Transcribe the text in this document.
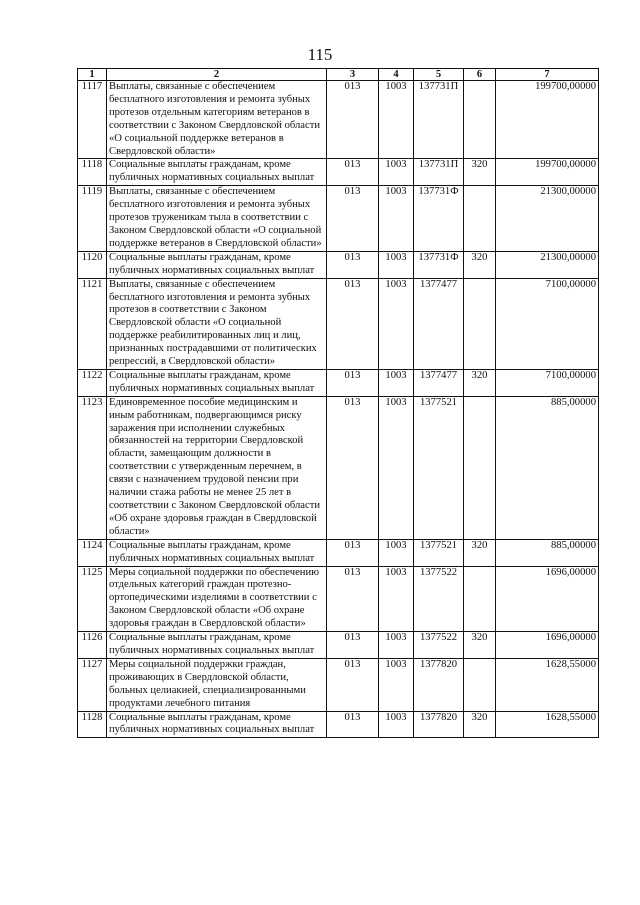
115
1	2	3	4	5	6	7
1117	Выплаты, связанные с обеспечением бесплатного изготовления и ремонта зубных протезов отдельным категориям ветеранов в соответствии с Законом Свердловской области «О социальной поддержке ветеранов в Свердловской области»	013	1003	137731П		199700,00000
1118	Социальные выплаты гражданам, кроме публичных нормативных социальных выплат	013	1003	137731П	320	199700,00000
1119	Выплаты, связанные с обеспечением бесплатного изготовления и ремонта зубных протезов труженикам тыла в соответствии с Законом Свердловской области «О социальной поддержке ветеранов в Свердловской области»	013	1003	137731Ф		21300,00000
1120	Социальные выплаты гражданам, кроме публичных нормативных социальных выплат	013	1003	137731Ф	320	21300,00000
1121	Выплаты, связанные с обеспечением бесплатного изготовления и ремонта зубных протезов в соответствии с Законом Свердловской области «О социальной поддержке реабилитированных лиц и лиц, признанных пострадавшими от политических репрессий, в Свердловской области»	013	1003	1377477		7100,00000
1122	Социальные выплаты гражданам, кроме публичных нормативных социальных выплат	013	1003	1377477	320	7100,00000
1123	Единовременное пособие медицинским и иным работникам, подвергающимся риску заражения при исполнении служебных обязанностей на территории Свердловской области, замещающим должности в соответствии с утвержденным перечнем, в связи с назначением трудовой пенсии при наличии стажа работы не менее 25 лет в соответствии с Законом Свердловской области «Об охране здоровья граждан в Свердловской области»	013	1003	1377521		885,00000
1124	Социальные выплаты гражданам, кроме публичных нормативных социальных выплат	013	1003	1377521	320	885,00000
1125	Меры социальной поддержки по обеспечению отдельных категорий граждан протезно-ортопедическими изделиями в соответствии с Законом Свердловской области «Об охране здоровья граждан в Свердловской области»	013	1003	1377522		1696,00000
1126	Социальные выплаты гражданам, кроме публичных нормативных социальных выплат	013	1003	1377522	320	1696,00000
1127	Меры социальной поддержки граждан, проживающих в Свердловской области, больных целиакией, специализированными продуктами лечебного питания	013	1003	1377820		1628,55000
1128	Социальные выплаты гражданам, кроме публичных нормативных социальных выплат	013	1003	1377820	320	1628,55000
